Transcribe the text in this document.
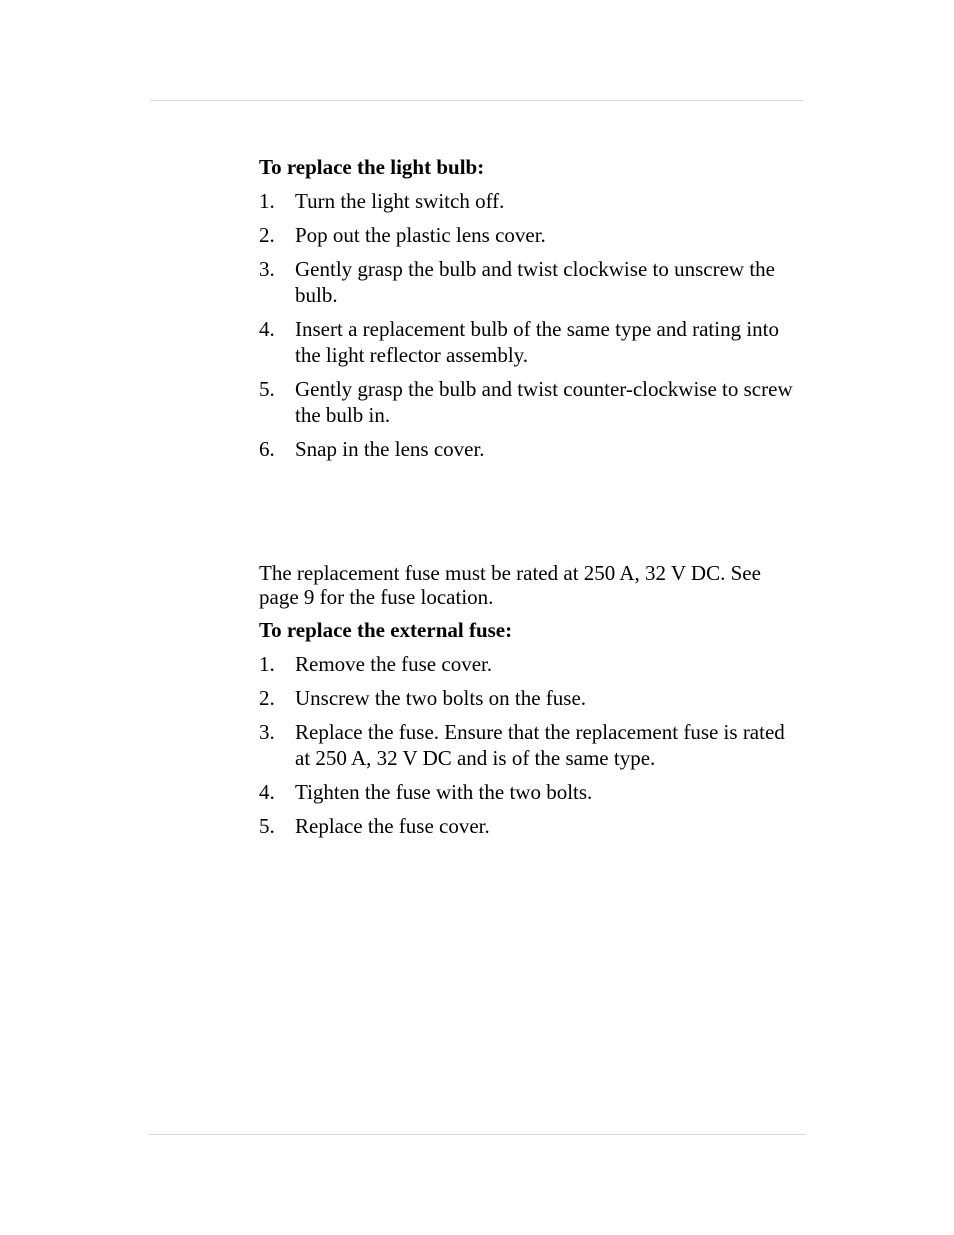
To replace the light bulb:
1. Turn the light switch off.
2. Pop out the plastic lens cover.
3. Gently grasp the bulb and twist clockwise to unscrew the bulb.
4. Insert a replacement bulb of the same type and rating into the light reflector assembly.
5. Gently grasp the bulb and twist counter-clockwise to screw the bulb in.
6. Snap in the lens cover.
The replacement fuse must be rated at 250 A, 32 V DC. See page 9 for the fuse location.
To replace the external fuse:
1. Remove the fuse cover.
2. Unscrew the two bolts on the fuse.
3. Replace the fuse. Ensure that the replacement fuse is rated at 250 A, 32 V DC and is of the same type.
4. Tighten the fuse with the two bolts.
5. Replace the fuse cover.
